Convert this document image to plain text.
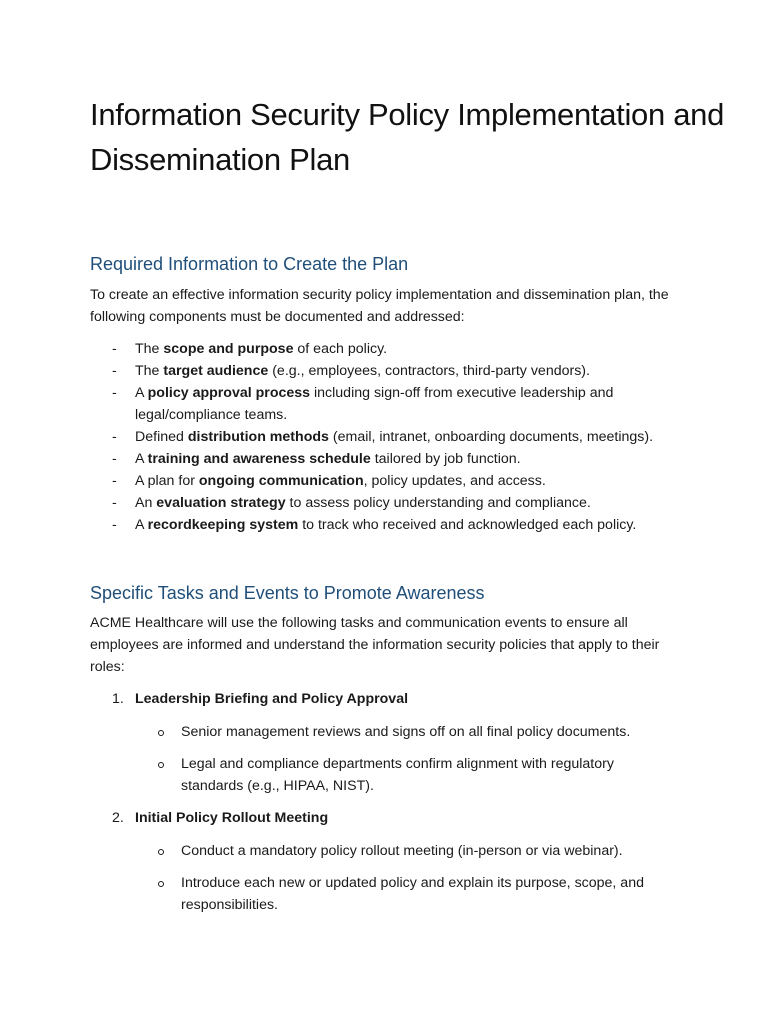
Information Security Policy Implementation and Dissemination Plan
Required Information to Create the Plan

To create an effective information security policy implementation and dissemination plan, the following components must be documented and addressed:

- The scope and purpose of each policy.
- The target audience (e.g., employees, contractors, third-party vendors).
- A policy approval process including sign-off from executive leadership and legal/compliance teams.
- Defined distribution methods (email, intranet, onboarding documents, meetings).
- A training and awareness schedule tailored by job function.
- A plan for ongoing communication, policy updates, and access.
- An evaluation strategy to assess policy understanding and compliance.
- A recordkeeping system to track who received and acknowledged each policy.
Specific Tasks and Events to Promote Awareness

ACME Healthcare will use the following tasks and communication events to ensure all employees are informed and understand the information security policies that apply to their roles:

1. Leadership Briefing and Policy Approval
Senior management reviews and signs off on all final policy documents.
Legal and compliance departments confirm alignment with regulatory standards (e.g., HIPAA, NIST).
2. Initial Policy Rollout Meeting
Conduct a mandatory policy rollout meeting (in-person or via webinar).
Introduce each new or updated policy and explain its purpose, scope, and responsibilities.
